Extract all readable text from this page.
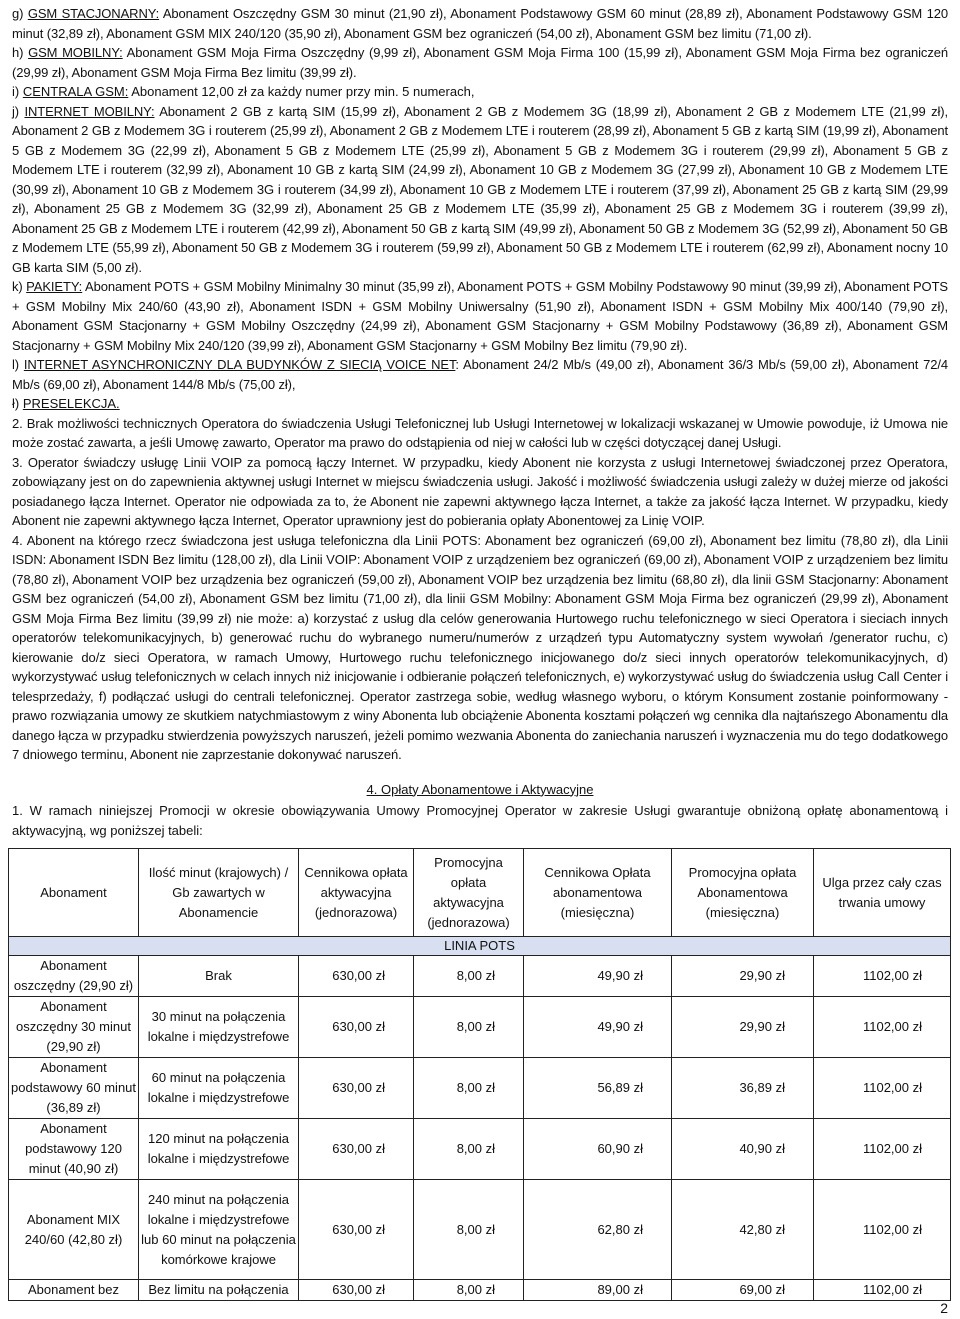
g) GSM STACJONARNY: Abonament Oszczędny GSM 30 minut (21,90 zł), Abonament Podstawowy GSM 60 minut (28,89 zł), Abonament Podstawowy GSM 120 minut (32,89 zł), Abonament GSM MIX 240/120 (35,90 zł), Abonament GSM bez ograniczeń (54,00 zł), Abonament GSM bez limitu (71,00 zł).

h) GSM MOBILNY: Abonament GSM Moja Firma Oszczędny (9,99 zł), Abonament GSM Moja Firma 100 (15,99 zł), Abonament GSM Moja Firma bez ograniczeń (29,99 zł), Abonament GSM Moja Firma Bez limitu (39,99 zł).

i) CENTRALA GSM: Abonament 12,00 zł za każdy numer przy min. 5 numerach,

j) INTERNET MOBILNY: Abonament 2 GB z kartą SIM (15,99 zł), Abonament 2 GB z Modemem 3G (18,99 zł), Abonament 2 GB z Modemem LTE (21,99 zł), Abonament 2 GB z Modemem 3G i routerem (25,99 zł), Abonament 2 GB z Modemem LTE i routerem (28,99 zł), Abonament 5 GB z kartą SIM (19,99 zł), Abonament 5 GB z Modemem 3G (22,99 zł), Abonament 5 GB z Modemem LTE (25,99 zł), Abonament 5 GB z Modemem 3G i routerem (29,99 zł), Abonament 5 GB z Modemem LTE i routerem (32,99 zł), Abonament 10 GB z kartą SIM (24,99 zł), Abonament 10 GB z Modemem 3G (27,99 zł), Abonament 10 GB z Modemem LTE (30,99 zł), Abonament 10 GB z Modemem 3G i routerem (34,99 zł), Abonament 10 GB z Modemem LTE i routerem (37,99 zł), Abonament 25 GB z kartą SIM (29,99 zł), Abonament 25 GB z Modemem 3G (32,99 zł), Abonament 25 GB z Modemem LTE (35,99 zł), Abonament 25 GB z Modemem 3G i routerem (39,99 zł), Abonament 25 GB z Modemem LTE i routerem (42,99 zł), Abonament 50 GB z kartą SIM (49,99 zł), Abonament 50 GB z Modemem 3G (52,99 zł), Abonament 50 GB z Modemem LTE (55,99 zł), Abonament 50 GB z Modemem 3G i routerem (59,99 zł), Abonament 50 GB z Modemem LTE i routerem (62,99 zł), Abonament nocny 10 GB karta SIM (5,00 zł).

k) PAKIETY: Abonament POTS + GSM Mobilny Minimalny 30 minut (35,99 zł), Abonament POTS + GSM Mobilny Podstawowy 90 minut (39,99 zł), Abonament POTS + GSM Mobilny Mix 240/60 (43,90 zł), Abonament ISDN + GSM Mobilny Uniwersalny (51,90 zł), Abonament ISDN + GSM Mobilny Mix 400/140 (79,90 zł), Abonament GSM Stacjonarny + GSM Mobilny Oszczędny (24,99 zł), Abonament GSM Stacjonarny + GSM Mobilny Podstawowy (36,89 zł), Abonament GSM Stacjonarny + GSM Mobilny Mix 240/120 (39,99 zł), Abonament GSM Stacjonarny + GSM Mobilny Bez limitu (79,90 zł).

l) INTERNET ASYNCHRONICZNY DLA BUDYNKÓW Z SIECIĄ VOICE NET: Abonament 24/2 Mb/s (49,00 zł), Abonament 36/3 Mb/s (59,00 zł), Abonament 72/4 Mb/s (69,00 zł), Abonament 144/8 Mb/s (75,00 zł),

ł) PRESELEKCJA.

2. Brak możliwości technicznych Operatora do świadczenia Usługi Telefonicznej lub Usługi Internetowej w lokalizacji wskazanej w Umowie powoduje, iż Umowa nie może zostać zawarta, a jeśli Umowę zawarto, Operator ma prawo do odstąpienia od niej w całości lub w części dotyczącej danej Usługi.

3. Operator świadczy usługę Linii VOIP za pomocą łączy Internet. W przypadku, kiedy Abonent nie korzysta z usługi Internetowej świadczonej przez Operatora, zobowiązany jest on do zapewnienia aktywnej usługi Internet w miejscu świadczenia usługi. Jakość i możliwość świadczenia usługi zależy w dużej mierze od jakości posiadanego łącza Internet. Operator nie odpowiada za to, że Abonent nie zapewni aktywnego łącza Internet, a także za jakość łącza Internet. W przypadku, kiedy Abonent nie zapewni aktywnego łącza Internet, Operator uprawniony jest do pobierania opłaty Abonentowej za Linię VOIP.

4. Abonent na którego rzecz świadczona jest usługa telefoniczna dla Linii POTS: Abonament bez ograniczeń (69,00 zł), Abonament bez limitu (78,80 zł), dla Linii ISDN: Abonament ISDN Bez limitu (128,00 zł), dla Linii VOIP: Abonament VOIP z urządzeniem bez ograniczeń (69,00 zł), Abonament VOIP z urządzeniem bez limitu (78,80 zł), Abonament VOIP bez urządzenia bez ograniczeń (59,00 zł), Abonament VOIP bez urządzenia bez limitu (68,80 zł), dla linii GSM Stacjonarny: Abonament GSM bez ograniczeń (54,00 zł), Abonament GSM bez limitu (71,00 zł), dla linii GSM Mobilny: Abonament GSM Moja Firma bez ograniczeń (29,99 zł), Abonament GSM Moja Firma Bez limitu (39,99 zł) nie może: a) korzystać z usług dla celów generowania Hurtowego ruchu telefonicznego w sieci Operatora i sieciach innych operatorów telekomunikacyjnych, b) generować ruchu do wybranego numeru/numerów z urządzeń typu Automatyczny system wywołań /generator ruchu, c) kierowanie do/z sieci Operatora, w ramach Umowy, Hurtowego ruchu telefonicznego inicjowanego do/z sieci innych operatorów telekomunikacyjnych, d) wykorzystywać usług telefonicznych w celach innych niż inicjowanie i odbieranie połączeń telefonicznych, e) wykorzystywać usług do świadczenia usług Call Center i telesprzedaży, f) podłączać usługi do centrali telefonicznej. Operator zastrzega sobie, według własnego wyboru, o którym Konsument zostanie poinformowany - prawo rozwiązania umowy ze skutkiem natychmiastowym z winy Abonenta lub obciążenie Abonenta kosztami połączeń wg cennika dla najtańszego Abonamentu dla danego łącza w przypadku stwierdzenia powyższych naruszeń, jeżeli pomimo wezwania Abonenta do zaniechania naruszeń i wyznaczenia mu do tego dodatkowego 7 dniowego terminu, Abonent nie zaprzestanie dokonywać naruszeń.

4. Opłaty Abonamentowe i Aktywacyjne

1. W ramach niniejszej Promocji w okresie obowiązywania Umowy Promocyjnej Operator w zakresie Usługi gwarantuje obniżoną opłatę abonamentową i aktywacyjną, wg poniższej tabeli:

Abonament	Ilość minut (krajowych) / Gb zawartych w Abonamencie	Cennikowa opłata aktywacyjna (jednorazowa)	Promocyjna opłata aktywacyjna (jednorazowa)	Cennikowa Opłata abonamentowa (miesięczna)	Promocyjna opłata Abonamentowa (miesięczna)	Ulga przez cały czas trwania umowy
LINIA POTS						
Abonament oszczędny (29,90 zł)	Brak	630,00 zł	8,00 zł	49,90 zł	29,90 zł	1102,00 zł
Abonament oszczędny 30 minut (29,90 zł)	30 minut na połączenia lokalne i międzystrefowe	630,00 zł	8,00 zł	49,90 zł	29,90 zł	1102,00 zł
Abonament podstawowy 60 minut (36,89 zł)	60 minut na połączenia lokalne i międzystrefowe	630,00 zł	8,00 zł	56,89 zł	36,89 zł	1102,00 zł
Abonament podstawowy 120 minut (40,90 zł)	120 minut na połączenia lokalne i międzystrefowe	630,00 zł	8,00 zł	60,90 zł	40,90 zł	1102,00 zł
Abonament MIX 240/60 (42,80 zł)	240 minut na połączenia lokalne i międzystrefowe lub 60 minut na połączenia komórkowe krajowe	630,00 zł	8,00 zł	62,80 zł	42,80 zł	1102,00 zł
Abonament bez	Bez limitu na połączenia	630,00 zł	8,00 zł	89,00 zł	69,00 zł	1102,00 zł
2
